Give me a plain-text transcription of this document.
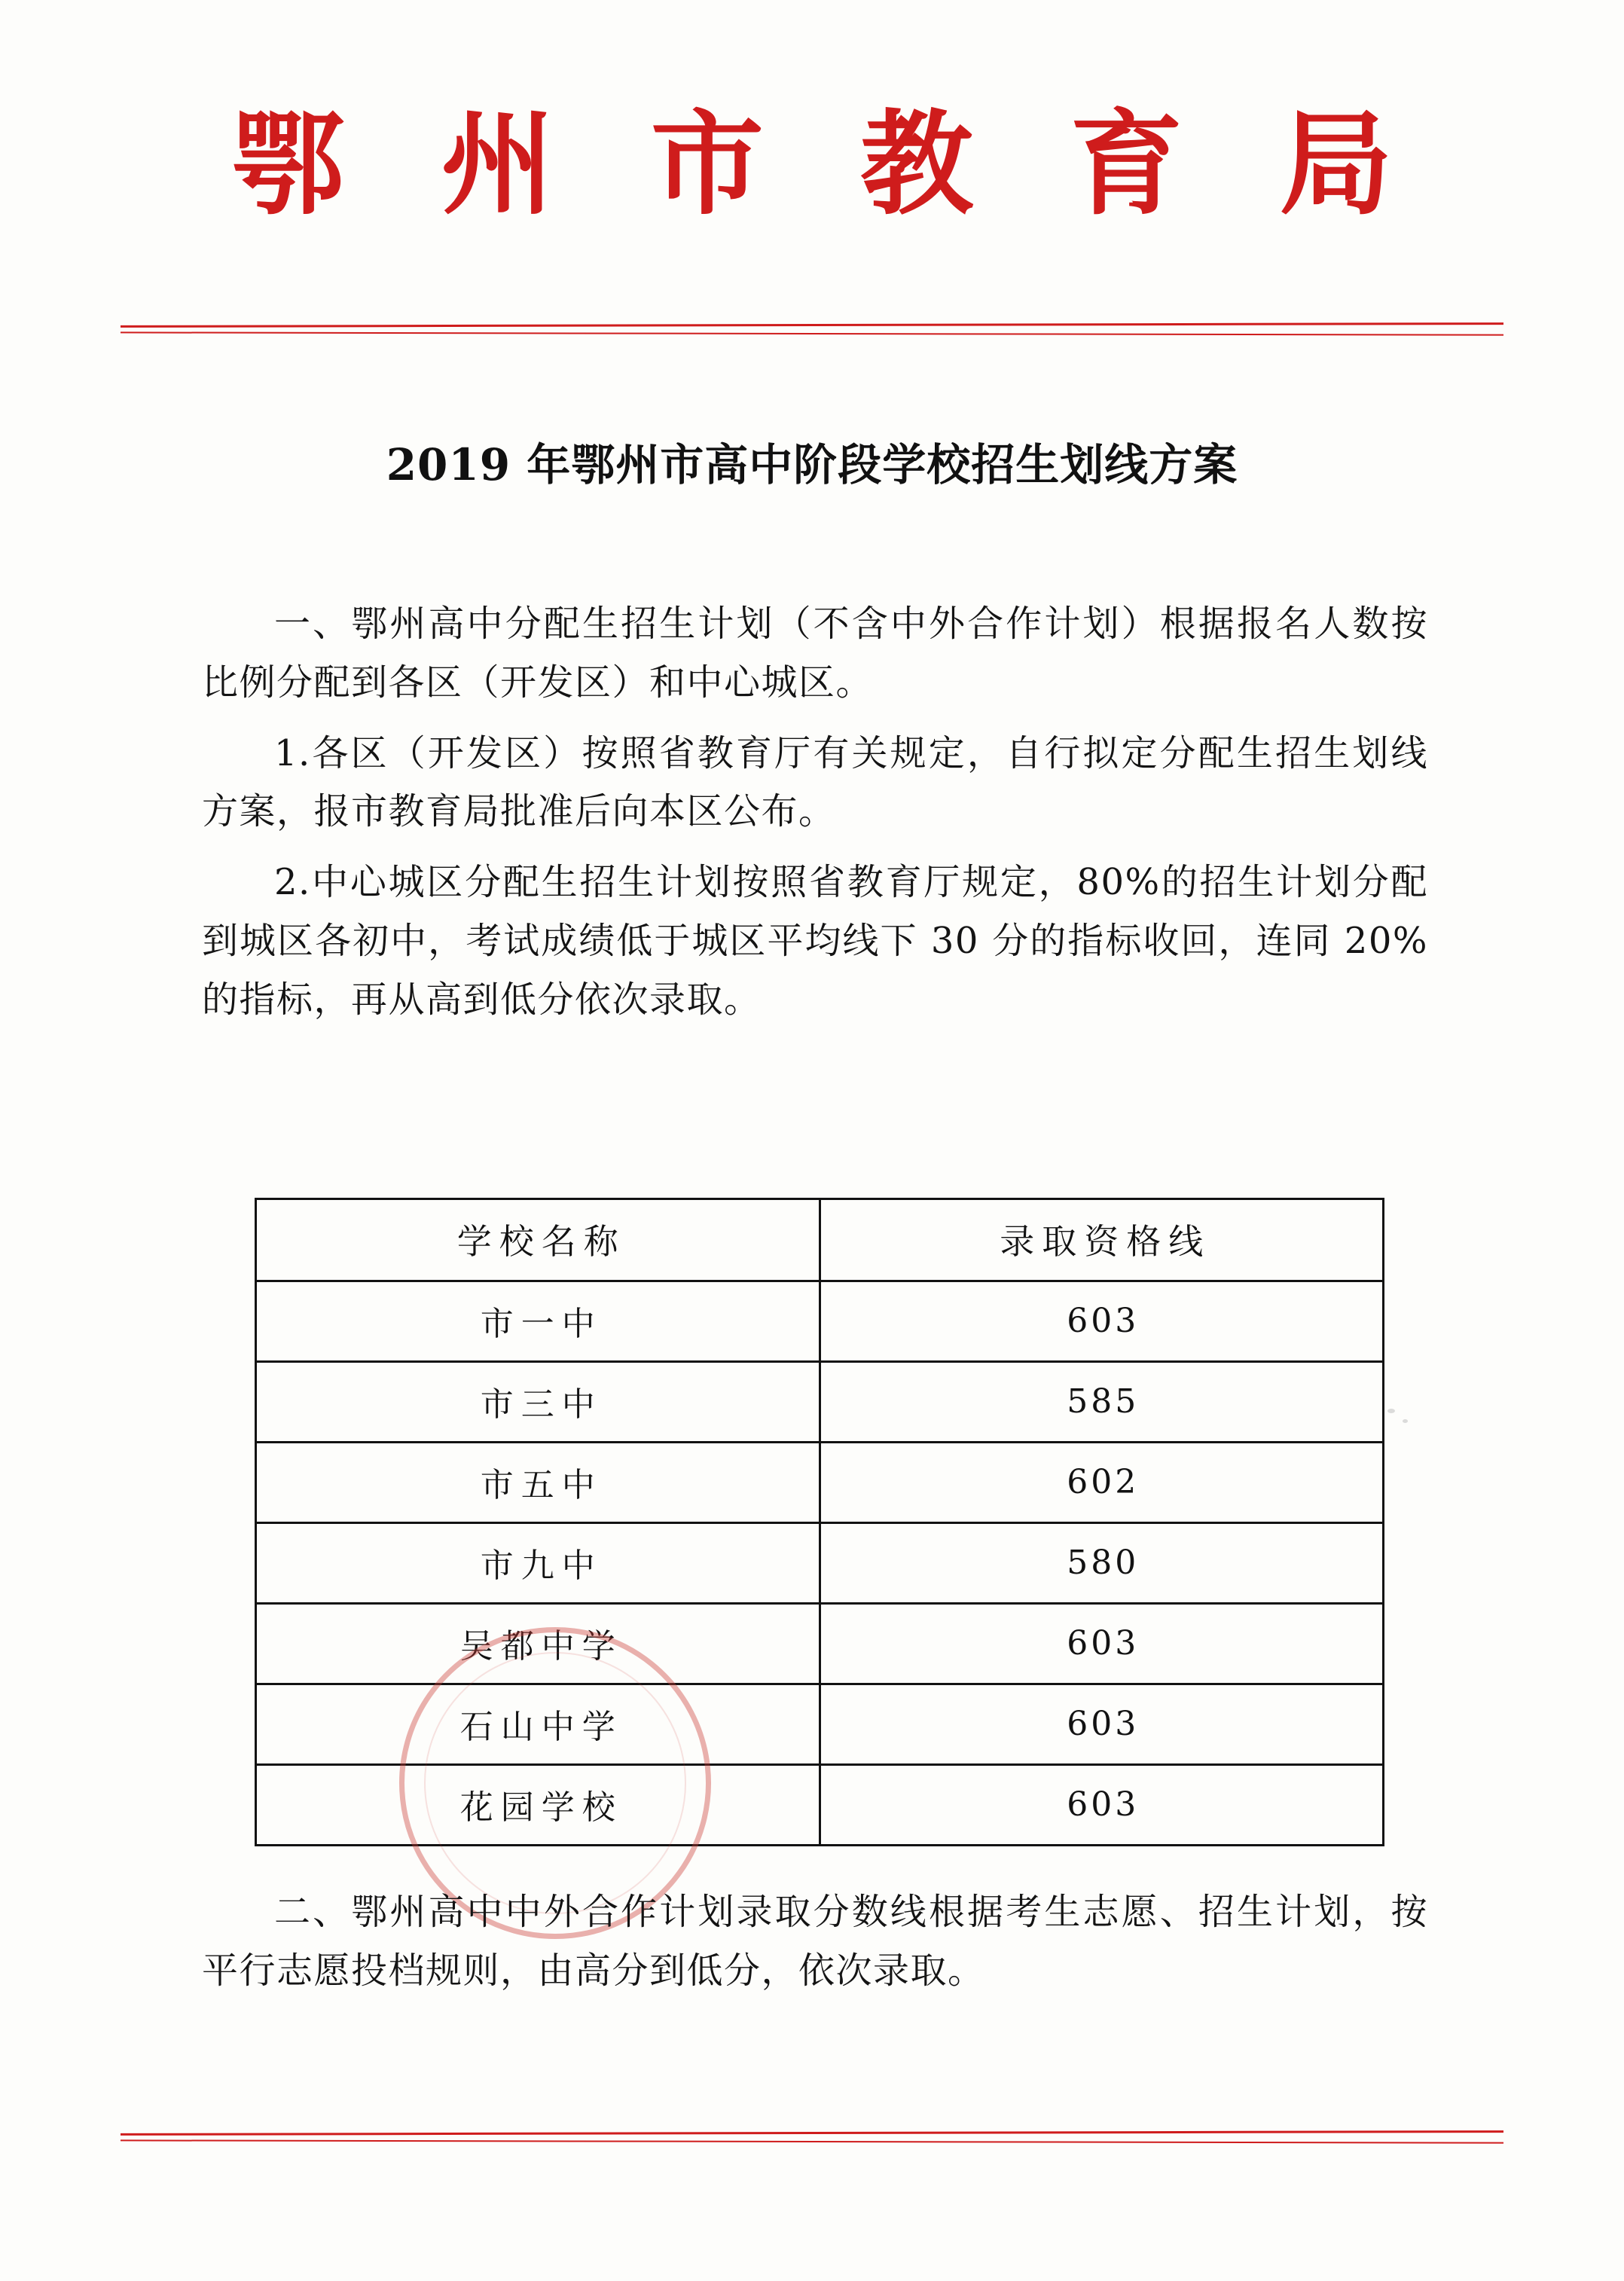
鄂 州 市 教 育 局
2019 年鄂州市高中阶段学校招生划线方案

一、鄂州高中分配生招生计划（不含中外合作计划）根据报名人数按比例分配到各区（开发区）和中心城区。

1.各区（开发区）按照省教育厅有关规定，自行拟定分配生招生划线方案，报市教育局批准后向本区公布。

2.中心城区分配生招生计划按照省教育厅规定，80%的招生计划分配到城区各初中，考试成绩低于城区平均线下 30 分的指标收回，连同 20%的指标，再从高到低分依次录取。

学校名称	录取资格线
市一中	603
市三中	585
市五中	602
市九中	580
吴都中学	603
石山中学	603
花园学校	603

二、鄂州高中中外合作计划录取分数线根据考生志愿、招生计划，按平行志愿投档规则，由高分到低分，依次录取。
